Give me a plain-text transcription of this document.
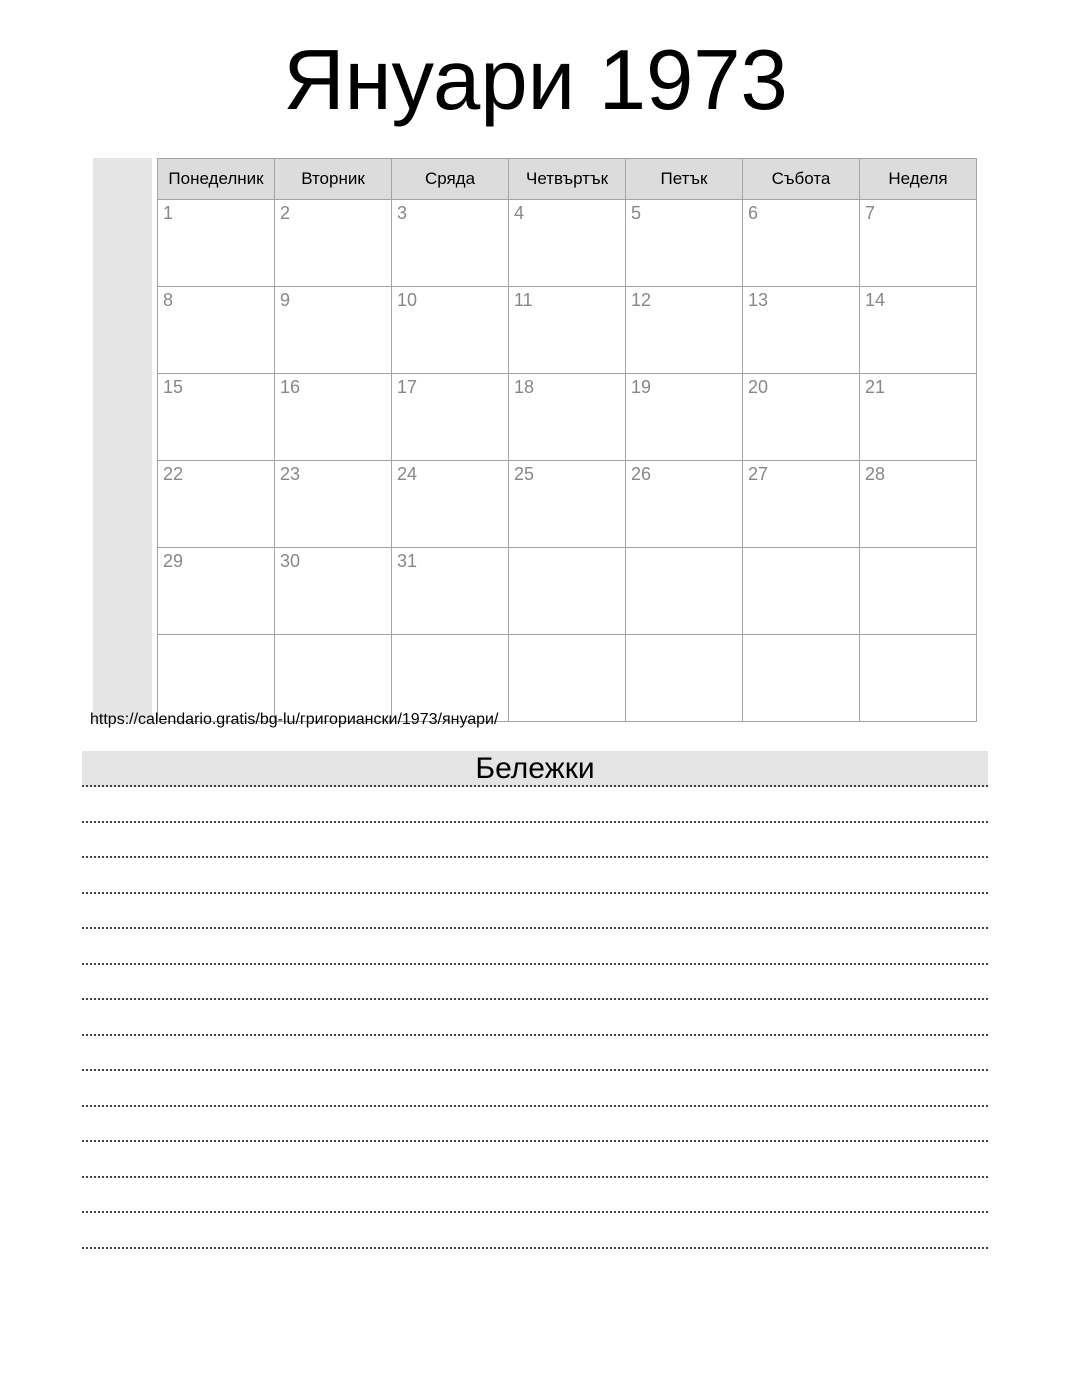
Януари 1973
Понеделник	Вторник	Сряда	Четвъртък	Петък	Събота	Неделя
1	2	3	4	5	6	7
8	9	10	11	12	13	14
15	16	17	18	19	20	21
22	23	24	25	26	27	28
29	30	31				

https://calendario.gratis/bg-lu/григориански/1973/януари/
Бележки
